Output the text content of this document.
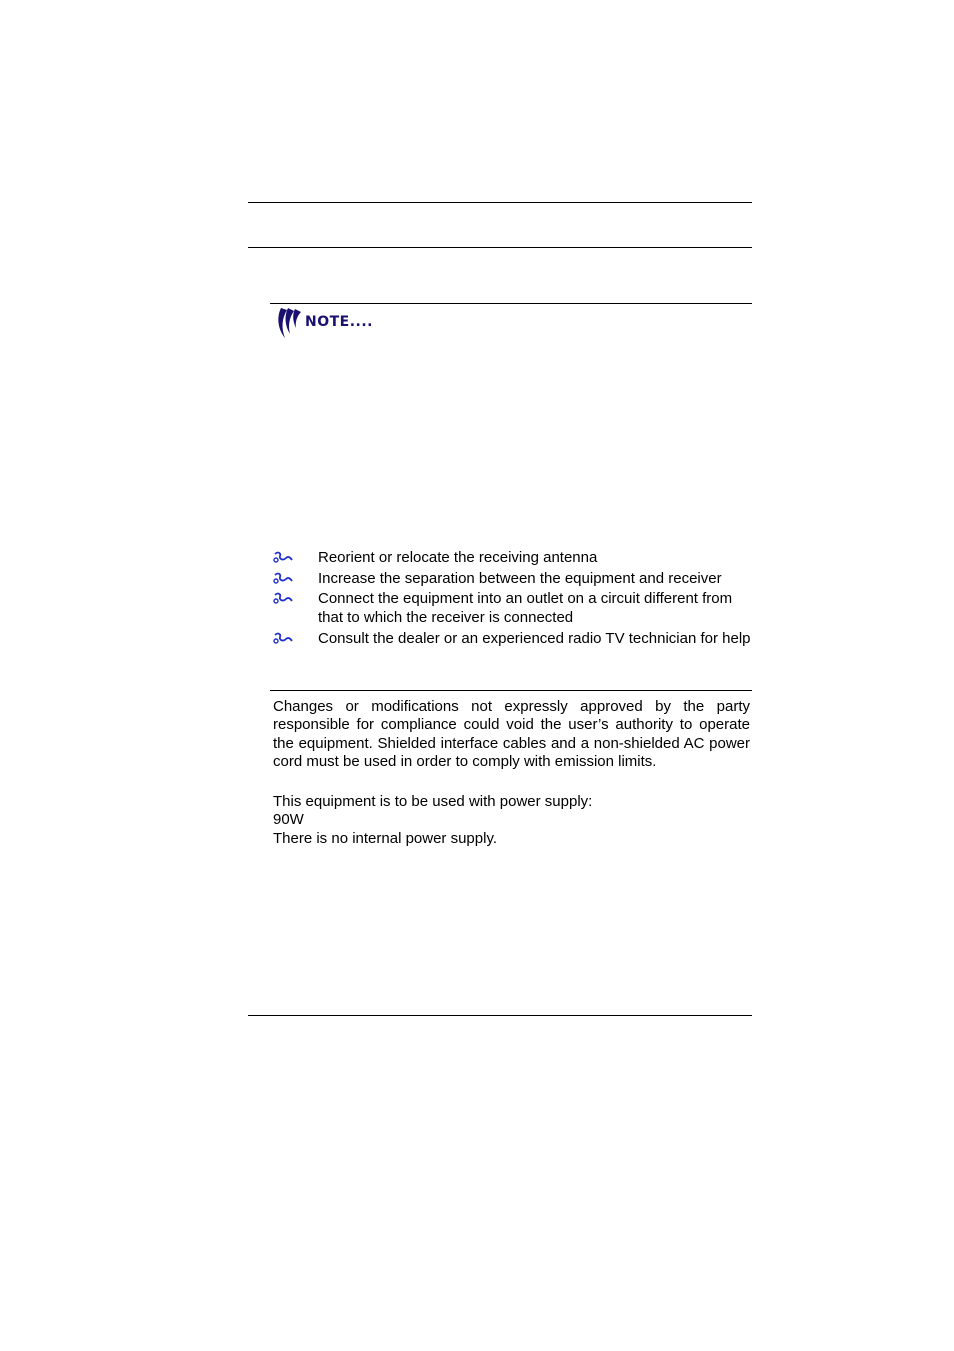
NOTE....
Reorient or relocate the receiving antenna
Increase the separation between the equipment and receiver
Connect the equipment into an outlet on a circuit different from that to which the receiver is connected
Consult the dealer or an experienced radio TV technician for help

Changes or modifications not expressly approved by the party responsible for compliance could void the user’s authority to operate the equipment. Shielded interface cables and a non-shielded AC power cord must be used in order to comply with emission limits.

This equipment is to be used with power supply:

90W

There is no internal power supply.
